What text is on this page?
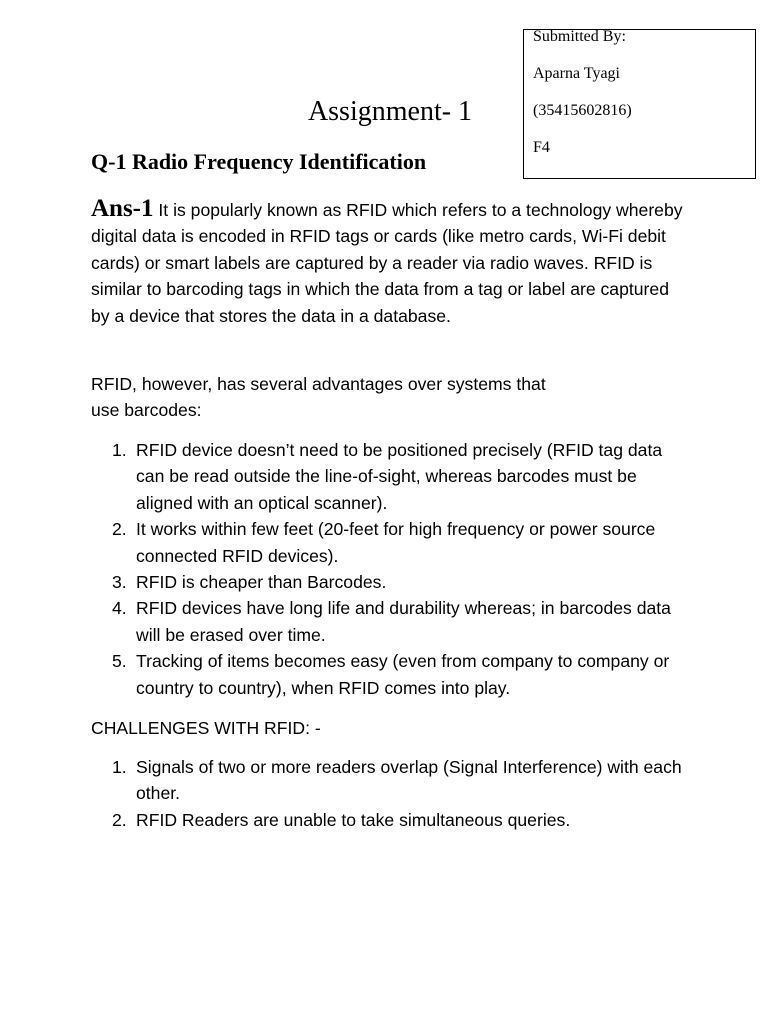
Submitted By:
Aparna Tyagi
(35415602816)
F4
Assignment- 1
Q-1 Radio Frequency Identification

Ans-1 It is popularly known as RFID which refers to a technology whereby digital data is encoded in RFID tags or cards (like metro cards, Wi-Fi debit cards) or smart labels are captured by a reader via radio waves. RFID is similar to barcoding tags in which the data from a tag or label are captured by a device that stores the data in a database.

RFID, however, has several advantages over systems that
use barcodes:

1. RFID device doesn’t need to be positioned precisely (RFID tag data can be read outside the line-of-sight, whereas barcodes must be aligned with an optical scanner).
2. It works within few feet (20-feet for high frequency or power source connected RFID devices).
3. RFID is cheaper than Barcodes.
4. RFID devices have long life and durability whereas; in barcodes data will be erased over time.
5. Tracking of items becomes easy (even from company to company or country to country), when RFID comes into play.

CHALLENGES WITH RFID: -

1. Signals of two or more readers overlap (Signal Interference) with each other.
2. RFID Readers are unable to take simultaneous queries.
